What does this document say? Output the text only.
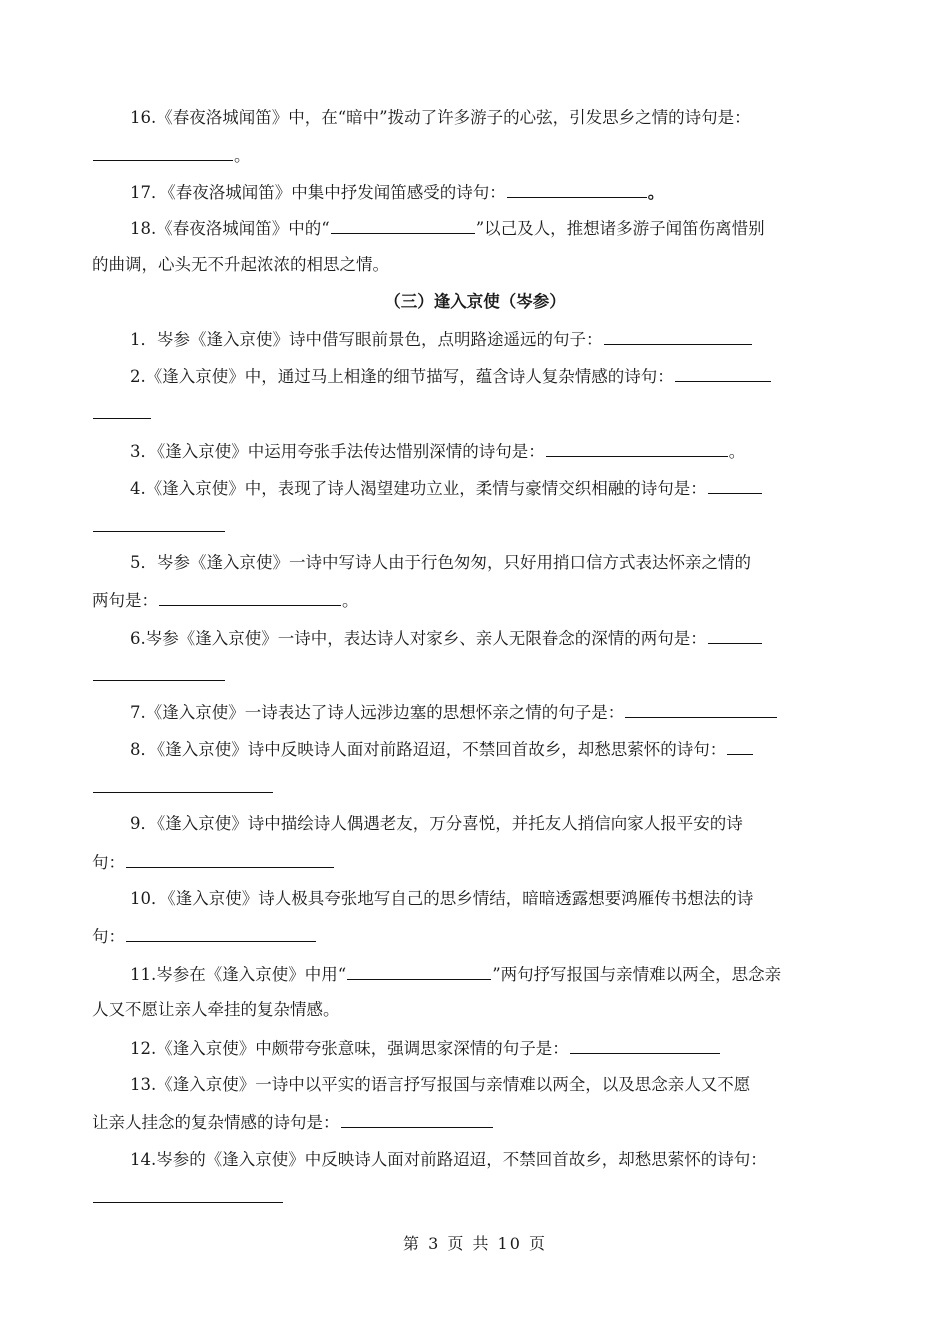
16.《春夜洛城闻笛》中，在“暗中”拨动了许多游子的心弦，引发思乡之情的诗句是：
。
17．《春夜洛城闻笛》中集中抒发闻笛感受的诗句：	。
18.《春夜洛城闻笛》中的“	”以己及人，推想诸多游子闻笛伤离惜别
的曲调，心头无不升起浓浓的相思之情。
（三）逢入京使（岑参）
1．岑参《逢入京使》诗中借写眼前景色，点明路途遥远的句子：
2.《逢入京使》中，通过马上相逢的细节描写，蕴含诗人复杂情感的诗句：
3．《逢入京使》中运用夸张手法传达惜别深情的诗句是：	。
4.《逢入京使》中，表现了诗人渴望建功立业，柔情与豪情交织相融的诗句是：
5．岑参《逢入京使》一诗中写诗人由于行色匆匆，只好用捎口信方式表达怀亲之情的
两句是：	。
6.岑参《逢入京使》一诗中，表达诗人对家乡、亲人无限眷念的深情的两句是：
7.《逢入京使》一诗表达了诗人远涉边塞的思想怀亲之情的句子是：
8．《逢入京使》诗中反映诗人面对前路迢迢，不禁回首故乡，却愁思萦怀的诗句：
9．《逢入京使》诗中描绘诗人偶遇老友，万分喜悦，并托友人捎信向家人报平安的诗
句：
10．《逢入京使》诗人极具夸张地写自己的思乡情结，暗暗透露想要鸿雁传书想法的诗
句：
11.岑参在《逢入京使》中用“	”两句抒写报国与亲情难以两全，思念亲
人又不愿让亲人牵挂的复杂情感。
12.《逢入京使》中颇带夸张意味，强调思家深情的句子是：
13.《逢入京使》一诗中以平实的语言抒写报国与亲情难以两全，以及思念亲人又不愿
让亲人挂念的复杂情感的诗句是：
14.岑参的《逢入京使》中反映诗人面对前路迢迢，不禁回首故乡，却愁思萦怀的诗句：
第 3 页 共 10 页
